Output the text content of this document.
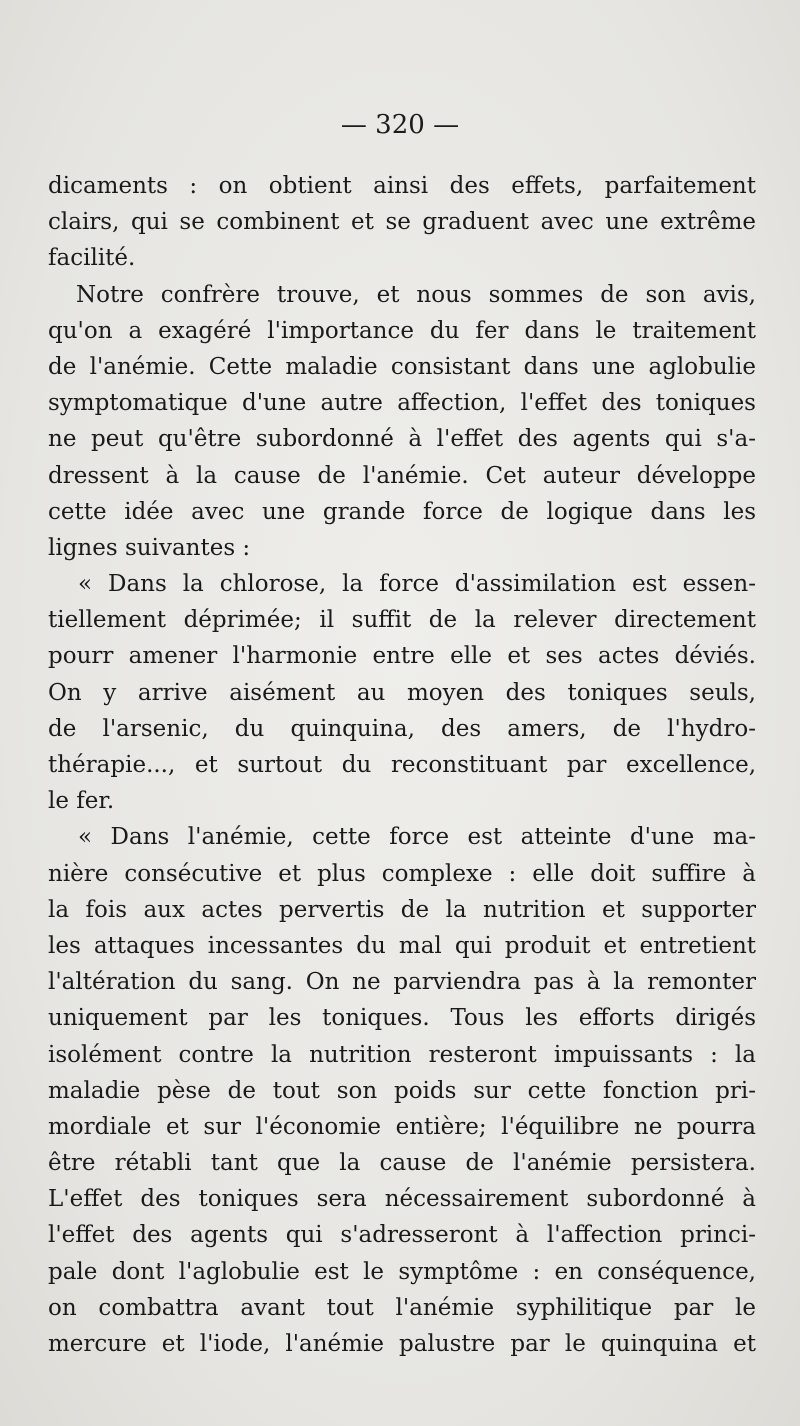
— 320 —
dicaments : on obtient ainsi des effets, parfaitement
clairs, qui se combinent et se graduent avec une extrême
facilité.
Notre confrère trouve, et nous sommes de son avis,
qu'on a exagéré l'importance du fer dans le traitement
de l'anémie. Cette maladie consistant dans une aglobulie
symptomatique d'une autre affection, l'effet des toniques
ne peut qu'être subordonné à l'effet des agents qui s'a-
dressent à la cause de l'anémie. Cet auteur développe
cette idée avec une grande force de logique dans les
lignes suivantes :
« Dans la chlorose, la force d'assimilation est essen-
tiellement déprimée; il suffit de la relever directement
pourr amener l'harmonie entre elle et ses actes déviés.
On y arrive aisément au moyen des toniques seuls,
de l'arsenic, du quinquina, des amers, de l'hydro-
thérapie..., et surtout du reconstituant par excellence,
le fer.
« Dans l'anémie, cette force est atteinte d'une ma-
nière consécutive et plus complexe : elle doit suffire à
la fois aux actes pervertis de la nutrition et supporter
les attaques incessantes du mal qui produit et entretient
l'altération du sang. On ne parviendra pas à la remonter
uniquement par les toniques. Tous les efforts dirigés
isolément contre la nutrition resteront impuissants : la
maladie pèse de tout son poids sur cette fonction pri-
mordiale et sur l'économie entière; l'équilibre ne pourra
être rétabli tant que la cause de l'anémie persistera.
L'effet des toniques sera nécessairement subordonné à
l'effet des agents qui s'adresseront à l'affection princi-
pale dont l'aglobulie est le symptôme : en conséquence,
on combattra avant tout l'anémie syphilitique par le
mercure et l'iode, l'anémie palustre par le quinquina et
